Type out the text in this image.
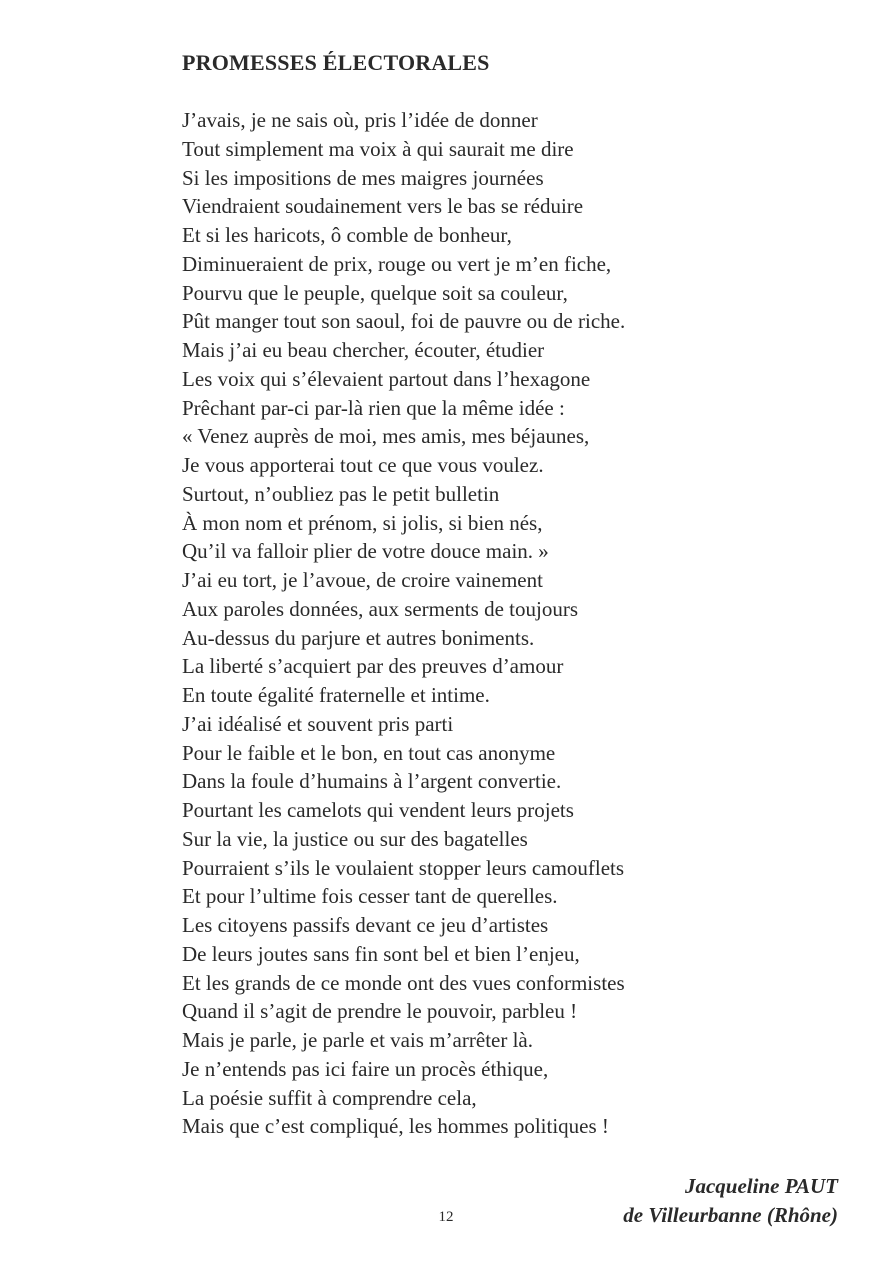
PROMESSES ÉLECTORALES
J’avais, je ne sais où, pris l’idée de donner
Tout simplement ma voix à qui saurait me dire
Si les impositions de mes maigres journées
Viendraient soudainement vers le bas se réduire
Et si les haricots, ô comble de bonheur,
Diminueraient de prix, rouge ou vert je m’en fiche,
Pourvu que le peuple, quelque soit sa couleur,
Pût manger tout son saoul, foi de pauvre ou de riche.
Mais j’ai eu beau chercher, écouter, étudier
Les voix qui s’élevaient partout dans l’hexagone
Prêchant par-ci par-là rien que la même idée :
« Venez auprès de moi, mes amis, mes béjaunes,
Je vous apporterai tout ce que vous voulez.
Surtout, n’oubliez pas le petit bulletin
À mon nom et prénom, si jolis, si bien nés,
Qu’il va falloir plier de votre douce main. »
J’ai eu tort, je l’avoue, de croire vainement
Aux paroles données, aux serments de toujours
Au-dessus du parjure et autres boniments.
La liberté s’acquiert par des preuves d’amour
En toute égalité fraternelle et intime.
J’ai idéalisé et souvent pris parti
Pour le faible et le bon, en tout cas anonyme
Dans la foule d’humains à l’argent convertie.
Pourtant les camelots qui vendent leurs projets
Sur la vie, la justice ou sur des bagatelles
Pourraient s’ils le voulaient stopper leurs camouflets
Et pour l’ultime fois cesser tant de querelles.
Les citoyens passifs devant ce jeu d’artistes
De leurs joutes sans fin sont bel et bien l’enjeu,
Et les grands de ce monde ont des vues conformistes
Quand il s’agit de prendre le pouvoir, parbleu !
Mais je parle, je parle et vais m’arrêter là.
Je n’entends pas ici faire un procès éthique,
La poésie suffit à comprendre cela,
Mais que c’est compliqué, les hommes politiques !
Jacqueline PAUT
de Villeurbanne (Rhône)
12
